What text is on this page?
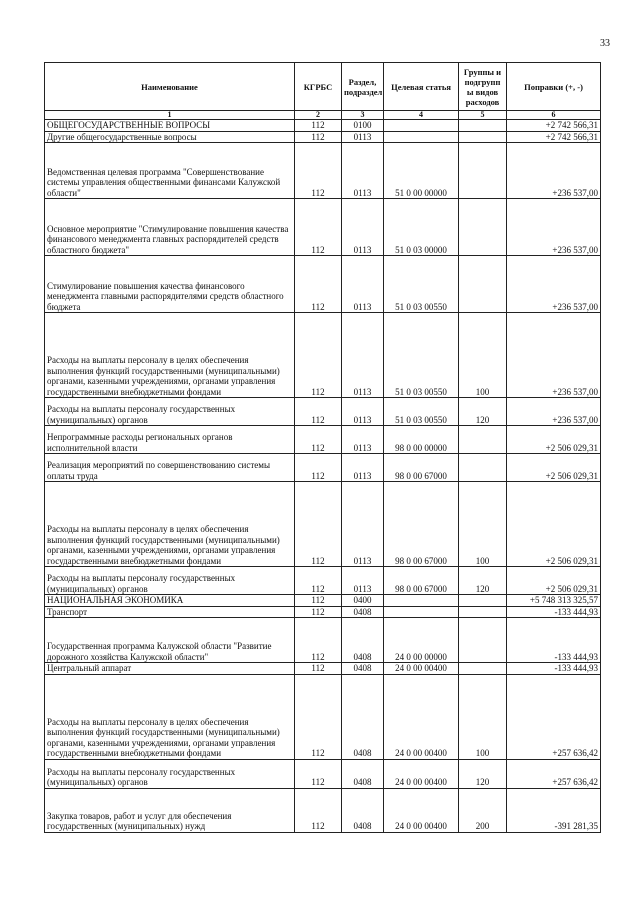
33
Наименование	КГРБС	Раздел, подраздел	Целевая статья	Группы и подгрупп ы видов расходов	Поправки (+, -)
1	2	3	4	5	6
ОБЩЕГОСУДАРСТВЕННЫЕ ВОПРОСЫ	112	0100			+2 742 566,31
Другие общегосударственные вопросы	112	0113			+2 742 566,31
Ведомственная целевая программа "Совершенствование системы управления общественными финансами Калужской области"	112	0113	51 0 00 00000		+236 537,00
Основное мероприятие "Стимулирование повышения качества финансового менеджмента главных распорядителей средств областного бюджета"	112	0113	51 0 03 00000		+236 537,00
Стимулирование повышения качества финансового менеджмента главными распорядителями средств областного бюджета	112	0113	51 0 03 00550		+236 537,00
Расходы на выплаты персоналу в целях обеспечения выполнения функций государственными (муниципальными) органами, казенными учреждениями, органами управления государственными внебюджетными фондами	112	0113	51 0 03 00550	100	+236 537,00
Расходы на выплаты персоналу государственных (муниципальных) органов	112	0113	51 0 03 00550	120	+236 537,00
Непрограммные расходы региональных органов исполнительной власти	112	0113	98 0 00 00000		+2 506 029,31
Реализация мероприятий по совершенствованию системы оплаты труда	112	0113	98 0 00 67000		+2 506 029,31
Расходы на выплаты персоналу в целях обеспечения выполнения функций государственными (муниципальными) органами, казенными учреждениями, органами управления государственными внебюджетными фондами	112	0113	98 0 00 67000	100	+2 506 029,31
Расходы на выплаты персоналу государственных (муниципальных) органов	112	0113	98 0 00 67000	120	+2 506 029,31
НАЦИОНАЛЬНАЯ ЭКОНОМИКА	112	0400			+5 748 313 325,57
Транспорт	112	0408			-133 444,93
Государственная программа Калужской области "Развитие дорожного хозяйства Калужской области"	112	0408	24 0 00 00000		-133 444,93
Центральный аппарат	112	0408	24 0 00 00400		-133 444,93
Расходы на выплаты персоналу в целях обеспечения выполнения функций государственными (муниципальными) органами, казенными учреждениями, органами управления государственными внебюджетными фондами	112	0408	24 0 00 00400	100	+257 636,42
Расходы на выплаты персоналу государственных (муниципальных) органов	112	0408	24 0 00 00400	120	+257 636,42
Закупка товаров, работ и услуг для обеспечения государственных (муниципальных) нужд	112	0408	24 0 00 00400	200	-391 281,35
